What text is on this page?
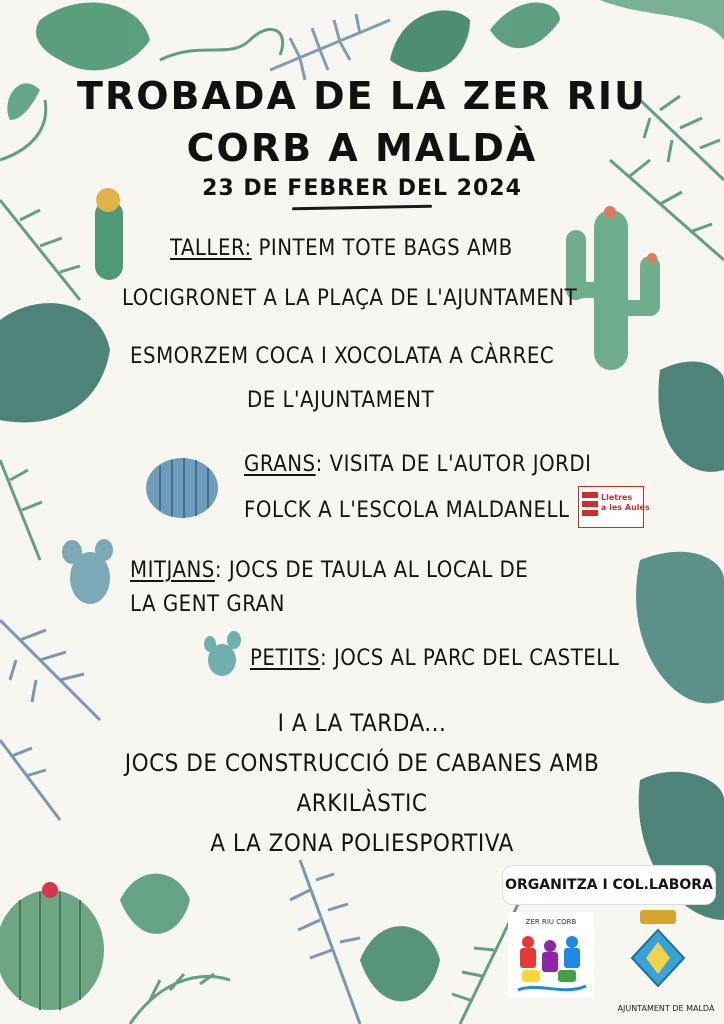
TROBADA DE LA ZER RIU
CORB A MALDÀ
23 DE FEBRER DEL 2024
TALLER: PINTEM TOTE BAGS AMB
LOCIGRONET A LA PLAÇA DE L'AJUNTAMENT
ESMORZEM COCA I XOCOLATA A CÀRREC
DE L'AJUNTAMENT
GRANS: VISITA DE L'AUTOR JORDI
FOLCK A L'ESCOLA MALDANELL
Lletres
a les Aules
MITJANS: JOCS DE TAULA AL LOCAL DE
LA GENT GRAN
PETITS: JOCS AL PARC DEL CASTELL
I A LA TARDA...
JOCS DE CONSTRUCCIÓ DE CABANES AMB
ARKILÀSTIC
A LA ZONA POLIESPORTIVA
ORGANITZA I COL.LABORA
ZER RIU CORB
AJUNTAMENT DE MALDÀ
